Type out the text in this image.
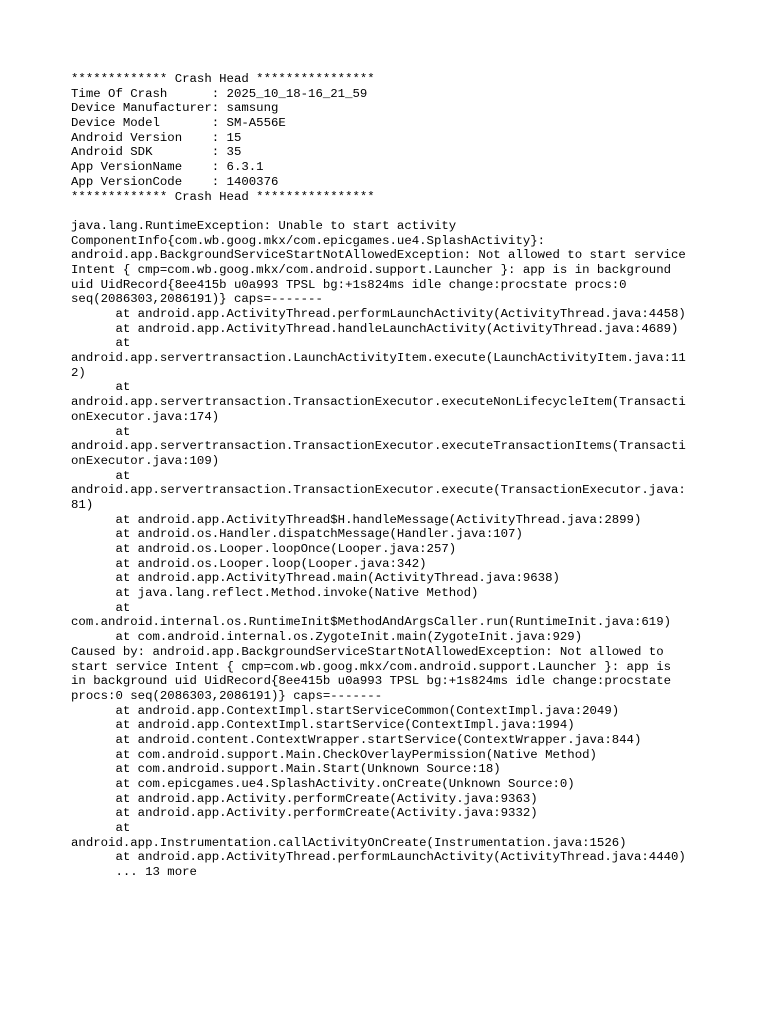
************* Crash Head ****************
Time Of Crash      : 2025_10_18-16_21_59
Device Manufacturer: samsung
Device Model       : SM-A556E
Android Version    : 15
Android SDK        : 35
App VersionName    : 6.3.1
App VersionCode    : 1400376
************* Crash Head ****************
java.lang.RuntimeException: Unable to start activity
ComponentInfo{com.wb.goog.mkx/com.epicgames.ue4.SplashActivity}:
android.app.BackgroundServiceStartNotAllowedException: Not allowed to start service
Intent { cmp=com.wb.goog.mkx/com.android.support.Launcher }: app is in background
uid UidRecord{8ee415b u0a993 TPSL bg:+1s824ms idle change:procstate procs:0
seq(2086303,2086191)} caps=-------
at android.app.ActivityThread.performLaunchActivity(ActivityThread.java:4458)
at android.app.ActivityThread.handleLaunchActivity(ActivityThread.java:4689)
at
android.app.servertransaction.LaunchActivityItem.execute(LaunchActivityItem.java:11
2)
at
android.app.servertransaction.TransactionExecutor.executeNonLifecycleItem(Transacti
onExecutor.java:174)
at
android.app.servertransaction.TransactionExecutor.executeTransactionItems(Transacti
onExecutor.java:109)
at
android.app.servertransaction.TransactionExecutor.execute(TransactionExecutor.java:
81)
at android.app.ActivityThread$H.handleMessage(ActivityThread.java:2899)
at android.os.Handler.dispatchMessage(Handler.java:107)
at android.os.Looper.loopOnce(Looper.java:257)
at android.os.Looper.loop(Looper.java:342)
at android.app.ActivityThread.main(ActivityThread.java:9638)
at java.lang.reflect.Method.invoke(Native Method)
at
com.android.internal.os.RuntimeInit$MethodAndArgsCaller.run(RuntimeInit.java:619)
at com.android.internal.os.ZygoteInit.main(ZygoteInit.java:929)
Caused by: android.app.BackgroundServiceStartNotAllowedException: Not allowed to
start service Intent { cmp=com.wb.goog.mkx/com.android.support.Launcher }: app is
in background uid UidRecord{8ee415b u0a993 TPSL bg:+1s824ms idle change:procstate
procs:0 seq(2086303,2086191)} caps=-------
at android.app.ContextImpl.startServiceCommon(ContextImpl.java:2049)
at android.app.ContextImpl.startService(ContextImpl.java:1994)
at android.content.ContextWrapper.startService(ContextWrapper.java:844)
at com.android.support.Main.CheckOverlayPermission(Native Method)
at com.android.support.Main.Start(Unknown Source:18)
at com.epicgames.ue4.SplashActivity.onCreate(Unknown Source:0)
at android.app.Activity.performCreate(Activity.java:9363)
at android.app.Activity.performCreate(Activity.java:9332)
at
android.app.Instrumentation.callActivityOnCreate(Instrumentation.java:1526)
at android.app.ActivityThread.performLaunchActivity(ActivityThread.java:4440)
... 13 more
